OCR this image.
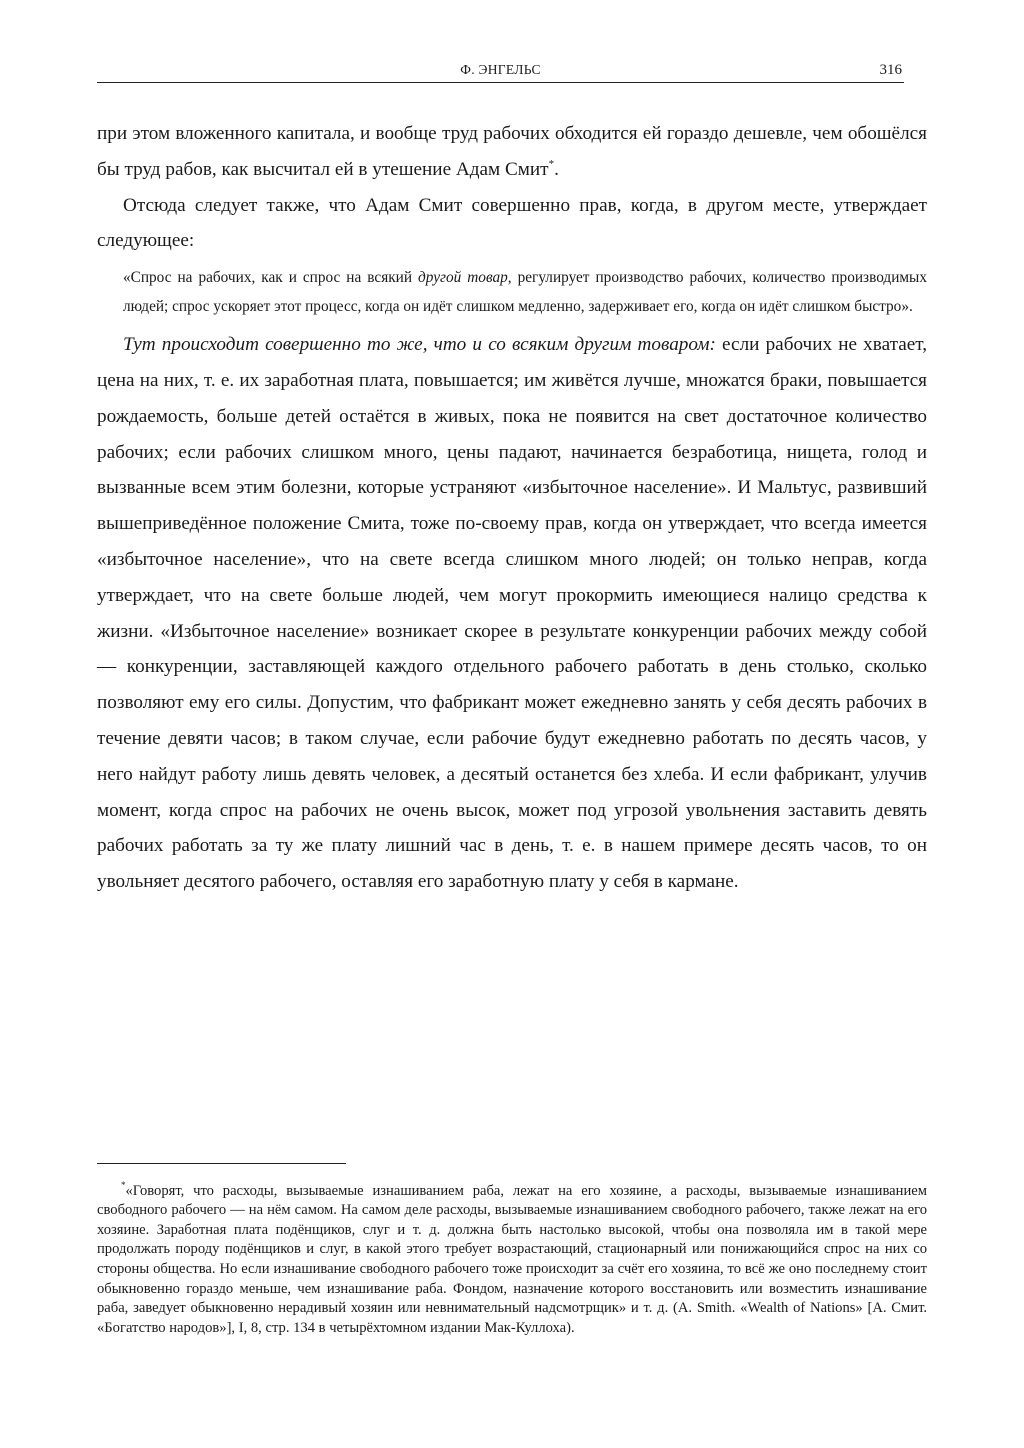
Ф. ЭНГЕЛЬС	316

при этом вложенного капитала, и вообще труд рабочих обходится ей гораздо дешевле, чем обошёлся бы труд рабов, как высчитал ей в утешение Адам Смит*.

Отсюда следует также, что Адам Смит совершенно прав, когда, в другом месте, утверждает следующее:

«Спрос на рабочих, как и спрос на всякий другой товар, регулирует производство рабочих, количество производимых людей; спрос ускоряет этот процесс, когда он идёт слишком медленно, задерживает его, когда он идёт слишком быстро».

Тут происходит совершенно то же, что и со всяким другим товаром: если рабочих не хватает, цена на них, т. е. их заработная плата, повышается; им живётся лучше, множатся браки, повышается рождаемость, больше детей остаётся в живых, пока не появится на свет достаточное количество рабочих; если рабочих слишком много, цены падают, начинается безработица, нищета, голод и вызванные всем этим болезни, которые устраняют «избыточное население». И Мальтус, развивший вышеприведённое положение Смита, тоже по-своему прав, когда он утверждает, что всегда имеется «избыточное население», что на свете всегда слишком много людей; он только неправ, когда утверждает, что на свете больше людей, чем могут прокормить имеющиеся налицо средства к жизни. «Избыточное население» возникает скорее в результате конкуренции рабочих между собой — конкуренции, заставляющей каждого отдельного рабочего работать в день столько, сколько позволяют ему его силы. Допустим, что фабрикант может ежедневно занять у себя десять рабочих в течение девяти часов; в таком случае, если рабочие будут ежедневно работать по десять часов, у него найдут работу лишь девять человек, а десятый останется без хлеба. И если фабрикант, улучив момент, когда спрос на рабочих не очень высок, может под угрозой увольнения заставить девять рабочих работать за ту же плату лишний час в день, т. е. в нашем примере десять часов, то он увольняет десятого рабочего, оставляя его заработную плату у себя в кармане.

*«Говорят, что расходы, вызываемые изнашиванием раба, лежат на его хозяине, а расходы, вызываемые изнашиванием свободного рабочего — на нём самом. На самом деле расходы, вызываемые изнашиванием свободного рабочего, также лежат на его хозяине. Заработная плата подёнщиков, слуг и т. д. должна быть настолько высокой, чтобы она позволяла им в такой мере продолжать породу подёнщиков и слуг, в какой этого требует возрастающий, стационарный или понижающийся спрос на них со стороны общества. Но если изнашивание свободного рабочего тоже происходит за счёт его хозяина, то всё же оно последнему стоит обыкновенно гораздо меньше, чем изнашивание раба. Фондом, назначение которого восстановить или возместить изнашивание раба, заведует обыкновенно нерадивый хозяин или невнимательный надсмотрщик» и т. д. (A. Smith. «Wealth of Nations» [А. Смит. «Богатство народов»], I, 8, стр. 134 в четырёхтомном издании Мак-Куллоха).
